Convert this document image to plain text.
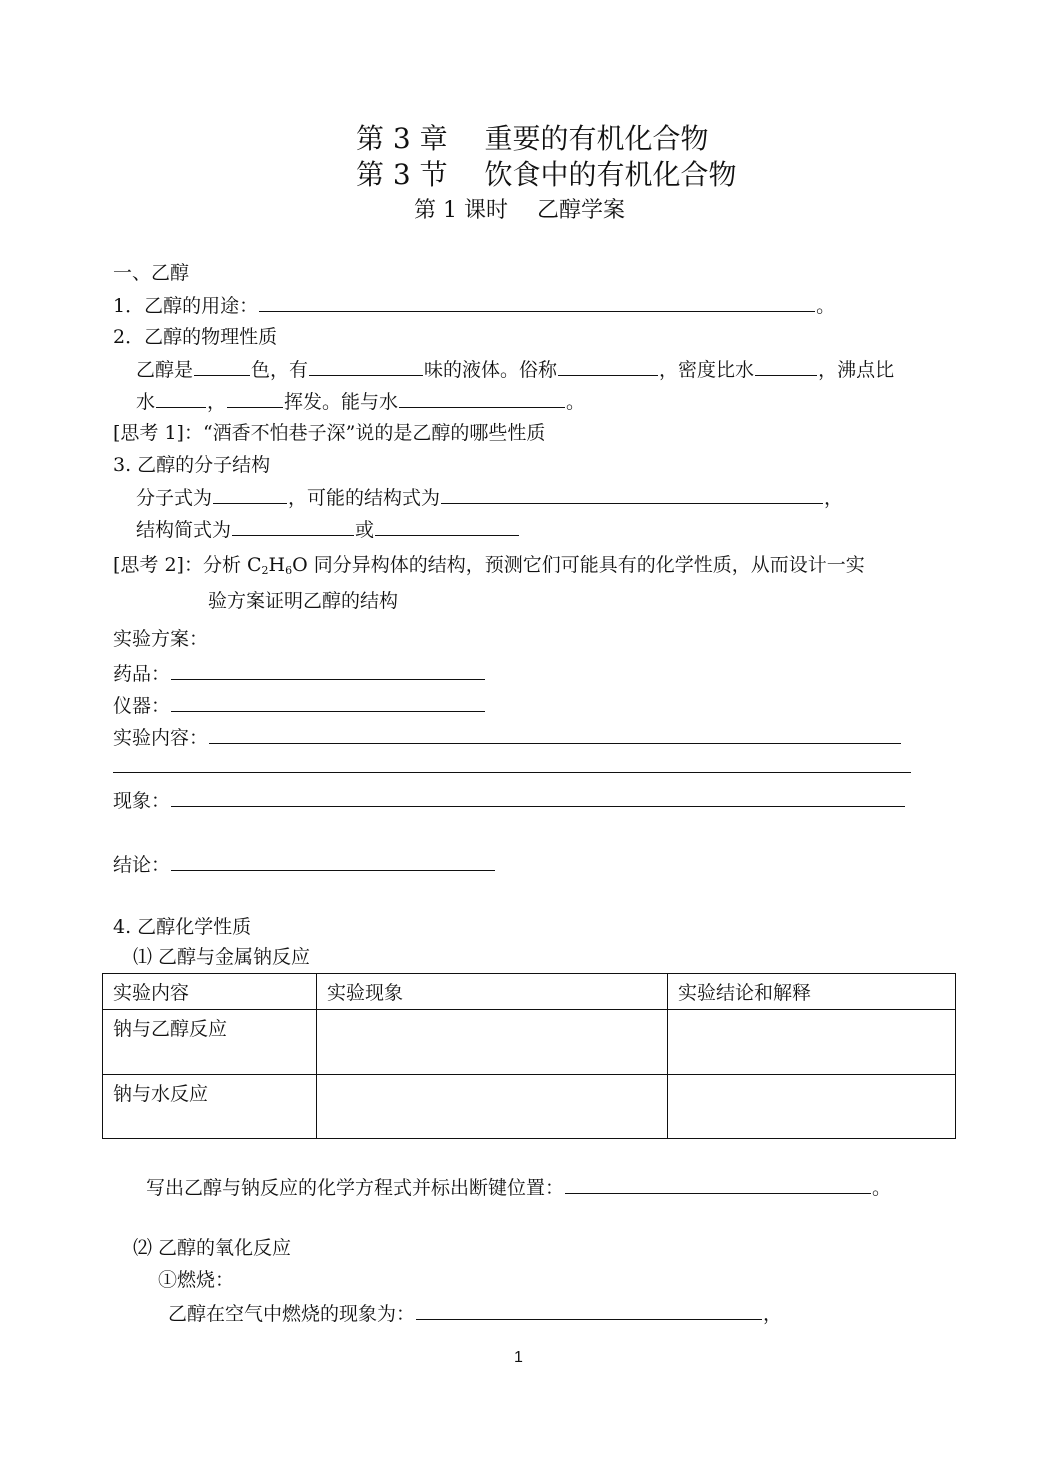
第 3 章　 重要的有机化合物
第 3 节　 饮食中的有机化合物
第 1 课时　 乙醇学案
一、乙醇
1．乙醇的用途：	。
2．乙醇的物理性质
乙醇是	色，有	味的液体。俗称	，密度比水	，沸点比
水	，	挥发。能与水	。
[思考 1]：“酒香不怕巷子深”说的是乙醇的哪些性质
3. 乙醇的分子结构
分子式为	，可能的结构式为	，
结构简式为	或
[思考 2]：分析 $C_2H_6O$ 同分异构体的结构，预测它们可能具有的化学性质，从而设计一实
验方案证明乙醇的结构
实验方案：
药品：
仪器：
实验内容：
现象：
结论：
4. 乙醇化学性质
⑴ 乙醇与金属钠反应
实验内容	实验现象	实验结论和解释
钠与乙醇反应		
钠与水反应		
写出乙醇与钠反应的化学方程式并标出断键位置：	。
⑵ 乙醇的氧化反应
①燃烧：
乙醇在空气中燃烧的现象为：	，
1
